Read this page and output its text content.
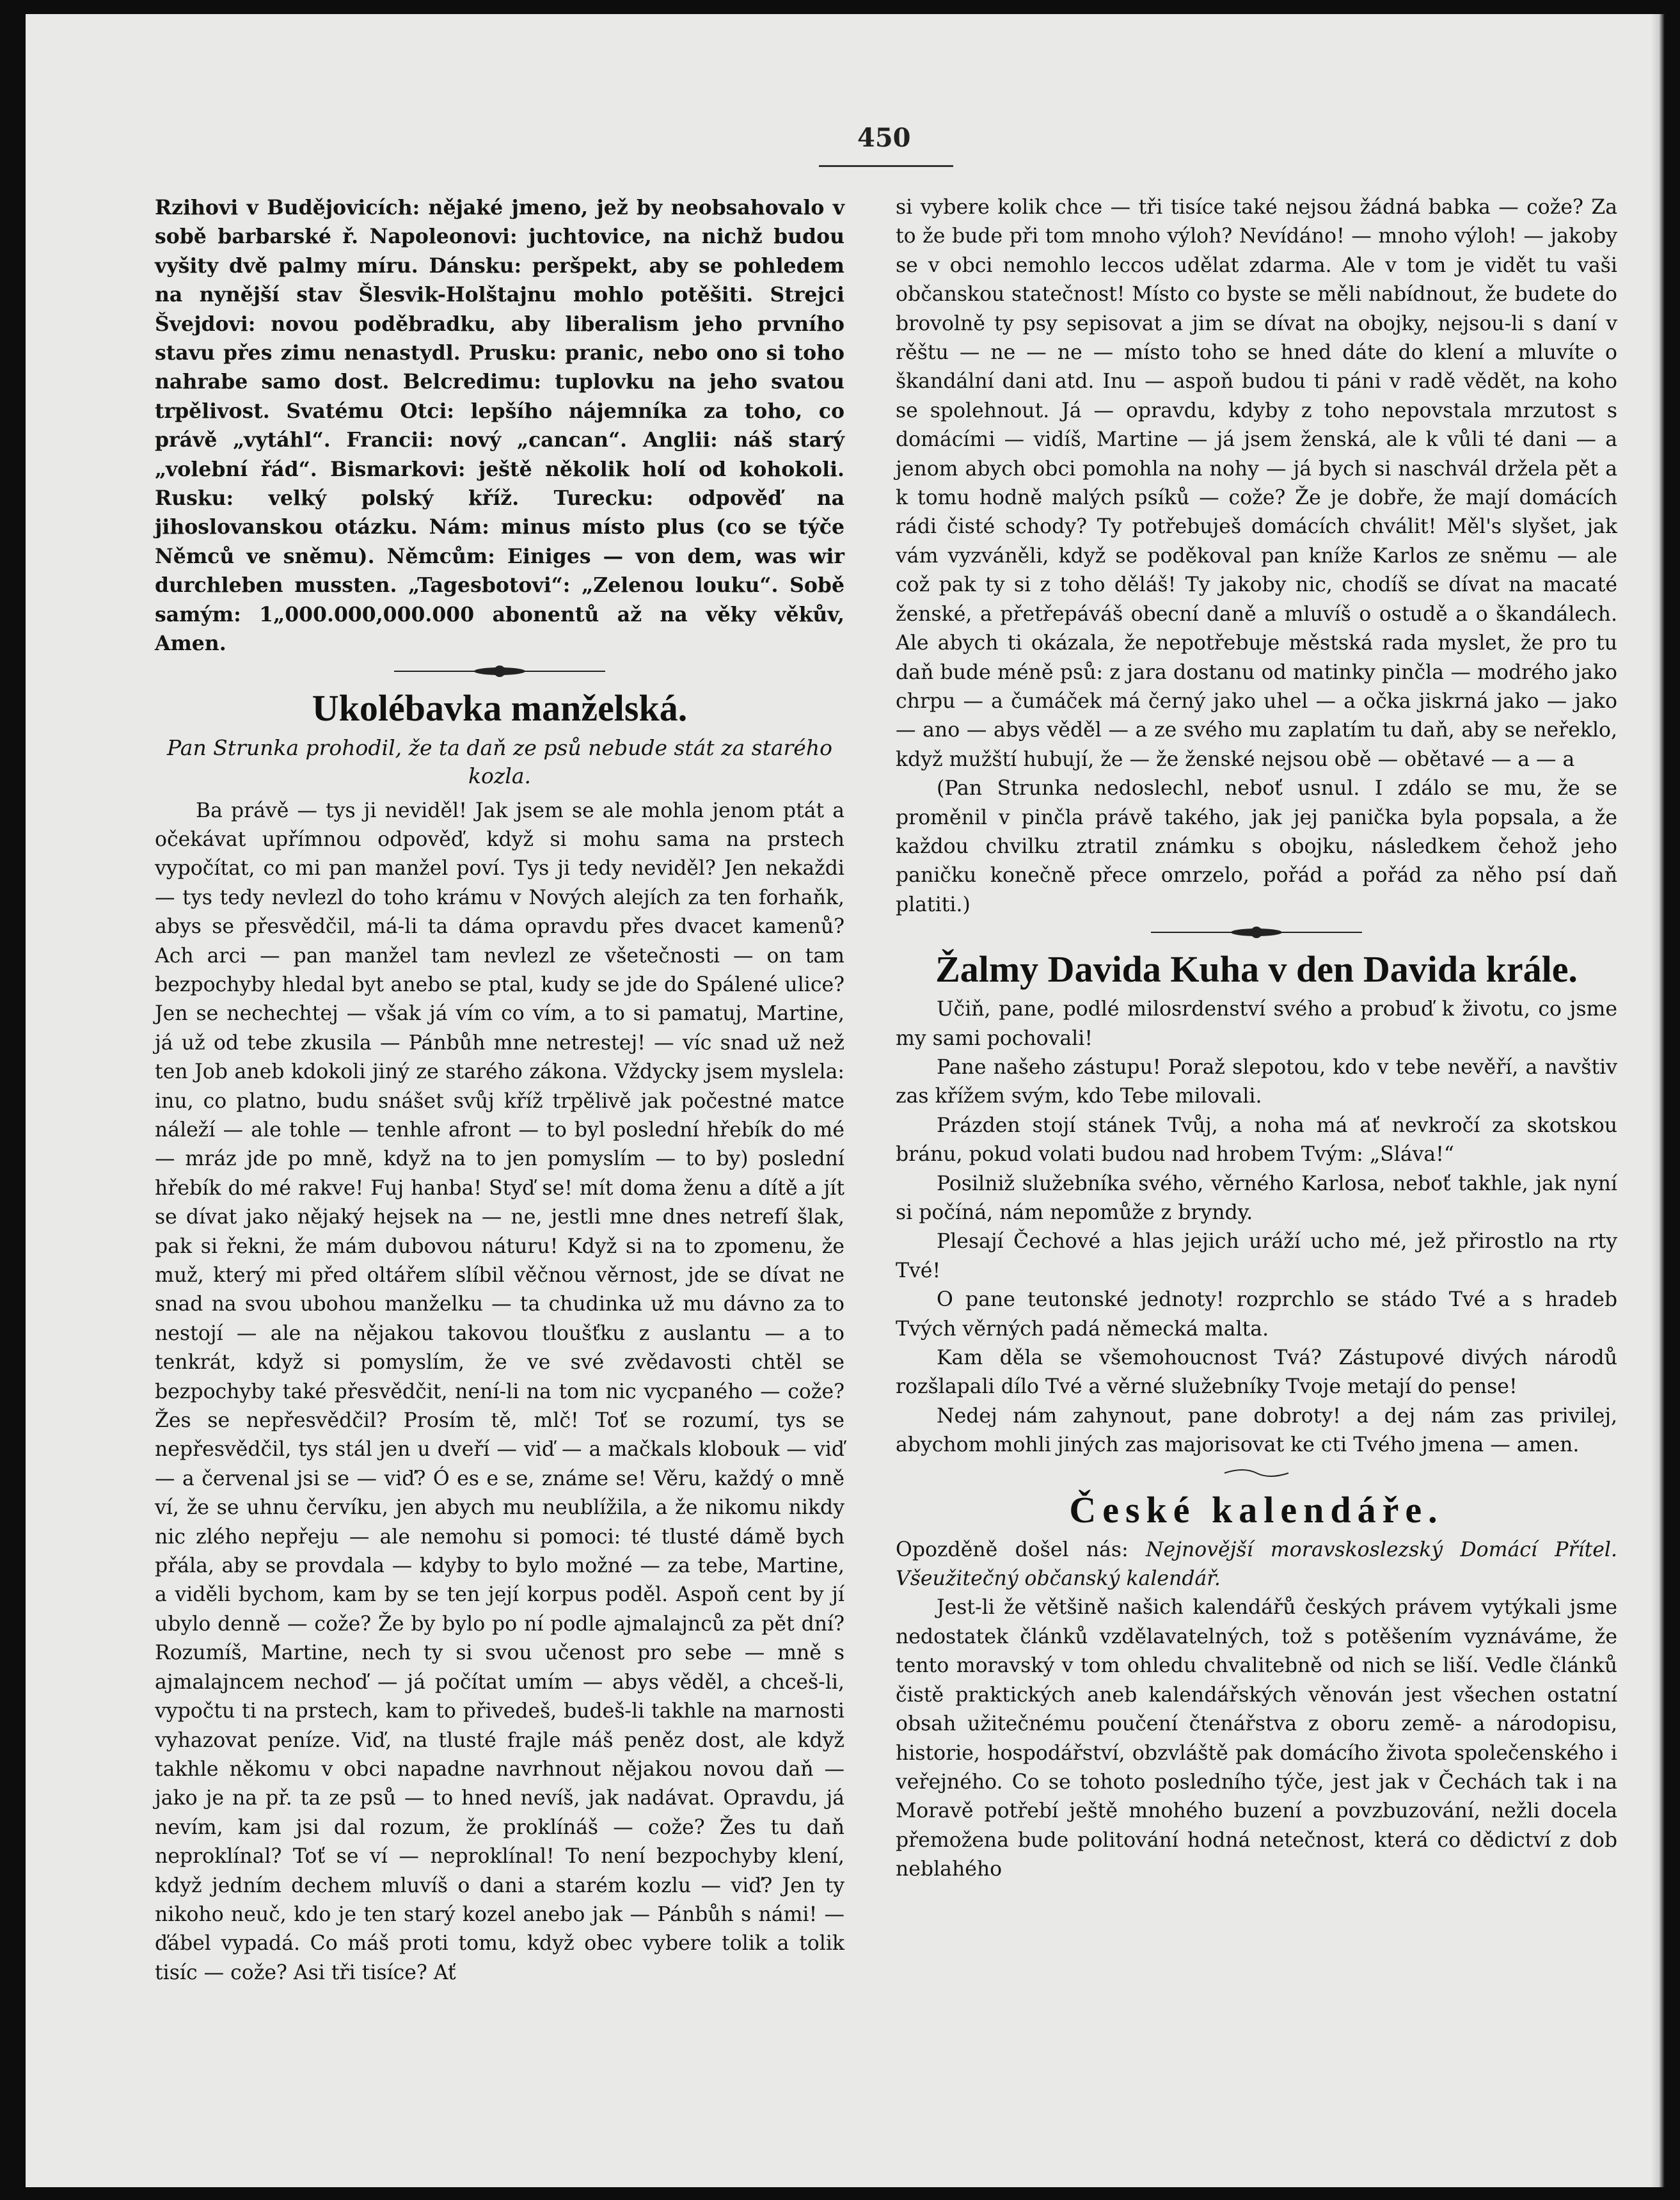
450

Rzihovi v Budějovicích: nějaké jmeno, jež by neobsahovalo v sobě barbarské ř. Napoleonovi: juchtovice, na nichž budou vyšity dvě palmy míru. Dánsku: peršpekt, aby se pohledem na nynější stav Šlesvik-Holštajnu mohlo potěšiti. Strejci Švejdovi: novou poděbradku, aby liberalism jeho prvního stavu přes zimu nenastydl. Prusku: pranic, nebo ono si toho nahrabe samo dost. Belcredimu: tuplovku na jeho svatou trpělivost. Svatému Otci: lepšího nájemníka za toho, co právě „vytáhl“. Francii: nový „cancan“. Anglii: náš starý „volební řád“. Bismarkovi: ještě několik holí od kohokoli. Rusku: velký polský kříž. Turecku: odpověď na jihoslovanskou otázku. Nám: minus místo plus (co se týče Němců ve sněmu). Němcům: Einiges — von dem, was wir durchleben mussten. „Tagesbotovi“: „Zelenou louku“. Sobě samým: 1„000.000,000.000 abonentů až na věky věkův, Amen.

Ukolébavka manželská.

Pan Strunka prohodil, že ta daň ze psů nebude stát za starého kozla.

Ba právě — tys ji neviděl! Jak jsem se ale mohla jenom ptát a očekávat upřímnou odpověď, když si mohu sama na prstech vypočítat, co mi pan manžel poví. Tys ji tedy neviděl? Jen nekaždi — tys tedy nevlezl do toho krámu v Nových alejích za ten forhaňk, abys se přesvědčil, má-li ta dáma opravdu přes dvacet kamenů? Ach arci — pan manžel tam nevlezl ze všetečnosti — on tam bezpochyby hledal byt anebo se ptal, kudy se jde do Spálené ulice? Jen se nechechtej — však já vím co vím, a to si pamatuj, Martine, já už od tebe zkusila — Pánbůh mne netrestej! — víc snad už než ten Job aneb kdokoli jiný ze starého zákona. Vždycky jsem myslela: inu, co platno, budu snášet svůj kříž trpělivě jak počestné matce náleží — ale tohle — tenhle afront — to byl poslední hřebík do mé — mráz jde po mně, když na to jen pomyslím — to by) poslední hřebík do mé rakve! Fuj hanba! Styď se! mít doma ženu a dítě a jít se dívat jako nějaký hejsek na — ne, jestli mne dnes netrefí šlak, pak si řekni, že mám dubovou náturu! Když si na to zpomenu, že muž, který mi před oltářem slíbil věčnou věrnost, jde se dívat ne snad na svou ubohou manželku — ta chudinka už mu dávno za to nestojí — ale na nějakou takovou tloušťku z auslantu — a to tenkrát, když si pomyslím, že ve své zvědavosti chtěl se bezpochyby také přesvědčit, není-li na tom nic vycpaného — cože? Žes se nepřesvědčil? Prosím tě, mlč! Toť se rozumí, tys se nepřesvědčil, tys stál jen u dveří — viď — a mačkals klobouk — viď — a červenal jsi se — viď? Ó es e se, známe se! Věru, každý o mně ví, že se uhnu červíku, jen abych mu neublížila, a že nikomu nikdy nic zlého nepřeju — ale nemohu si pomoci: té tlusté dámě bych přála, aby se provdala — kdyby to bylo možné — za tebe, Martine, a viděli bychom, kam by se ten její korpus poděl. Aspoň cent by jí ubylo denně — cože? Že by bylo po ní podle ajmalajnců za pět dní? Rozumíš, Martine, nech ty si svou učenost pro sebe — mně s ajmalajncem nechoď — já počítat umím — abys věděl, a chceš-li, vypočtu ti na prstech, kam to přivedeš, budeš-li takhle na marnosti vyhazovat peníze. Viď, na tlusté frajle máš peněz dost, ale když takhle někomu v obci napadne navrhnout nějakou novou daň — jako je na př. ta ze psů — to hned nevíš, jak nadávat. Opravdu, já nevím, kam jsi dal rozum, že proklínáš — cože? Žes tu daň neproklínal? Toť se ví — neproklínal! To není bezpochyby klení, když jedním dechem mluvíš o dani a starém kozlu — viď? Jen ty nikoho neuč, kdo je ten starý kozel anebo jak — Pánbůh s námi! — ďábel vypadá. Co máš proti tomu, když obec vybere tolik a tolik tisíc — cože? Asi tři tisíce? Ať

si vybere kolik chce — tři tisíce také nejsou žádná babka — cože? Za to že bude při tom mnoho výloh? Nevídáno! — mnoho výloh! — jakoby se v obci nemohlo leccos udělat zdarma. Ale v tom je vidět tu vaši občanskou statečnost! Místo co byste se měli nabídnout, že budete do brovolně ty psy sepisovat a jim se dívat na obojky, nejsou-li s daní v rěštu — ne — ne — místo toho se hned dáte do klení a mluvíte o škandální dani atd. Inu — aspoň budou ti páni v radě vědět, na koho se spolehnout. Já — opravdu, kdyby z toho nepovstala mrzutost s domácími — vidíš, Martine — já jsem ženská, ale k vůli té dani — a jenom abych obci pomohla na nohy — já bych si naschvál držela pět a k tomu hodně malých psíků — cože? Že je dobře, že mají domácích rádi čisté schody? Ty potřebuješ domácích chválit! Měl's slyšet, jak vám vyzváněli, když se poděkoval pan kníže Karlos ze sněmu — ale což pak ty si z toho děláš! Ty jakoby nic, chodíš se dívat na macaté ženské, a přetřepáváš obecní daně a mluvíš o ostudě a o škandálech. Ale abych ti okázala, že nepotřebuje městská rada myslet, že pro tu daň bude méně psů: z jara dostanu od matinky pinčla — modrého jako chrpu — a čumáček má černý jako uhel — a očka jiskrná jako — jako — ano — abys věděl — a ze svého mu zaplatím tu daň, aby se neřeklo, když mužští hubují, že — že ženské nejsou obě — obětavé — a — a

(Pan Strunka nedoslechl, neboť usnul. I zdálo se mu, že se proměnil v pinčla právě takého, jak jej panička byla popsala, a že každou chvilku ztratil známku s obojku, následkem čehož jeho paničku konečně přece omrzelo, pořád a pořád za něho psí daň platiti.)

Žalmy Davida Kuha v den Davida krále.

Učiň, pane, podlé milosrdenství svého a probuď k životu, co jsme my sami pochovali!

Pane našeho zástupu! Poraž slepotou, kdo v tebe nevěří, a navštiv zas křížem svým, kdo Tebe milovali.

Prázden stojí stánek Tvůj, a noha má ať nevkročí za skotskou bránu, pokud volati budou nad hrobem Tvým: „Sláva!“

Posilniž služebníka svého, věrného Karlosa, neboť takhle, jak nyní si počíná, nám nepomůže z bryndy.

Plesají Čechové a hlas jejich uráží ucho mé, jež přirostlo na rty Tvé!

O pane teutonské jednoty! rozprchlo se stádo Tvé a s hradeb Tvých věrných padá německá malta.

Kam děla se všemohoucnost Tvá? Zástupové divých národů rozšlapali dílo Tvé a věrné služebníky Tvoje metají do pense!

Nedej nám zahynout, pane dobroty! a dej nám zas privilej, abychom mohli jiných zas majorisovat ke cti Tvého jmena — amen.

České kalendáře.

Opozděně došel nás: Nejnovější moravskoslezský Domácí Přítel. Všeužitečný občanský kalendář.

Jest-li že většině našich kalendářů českých právem vytýkali jsme nedostatek článků vzdělavatelných, tož s potěšením vyznáváme, že tento moravský v tom ohledu chvalitebně od nich se liší. Vedle článků čistě praktických aneb kalendářských věnován jest všechen ostatní obsah užitečnému poučení čtenářstva z oboru země- a národopisu, historie, hospodářství, obzvláště pak domácího života společenského i veřejného. Co se tohoto posledního týče, jest jak v Čechách tak i na Moravě potřebí ještě mnohého buzení a povzbuzování, nežli docela přemožena bude politování hodná netečnost, která co dědictví z dob neblahého
